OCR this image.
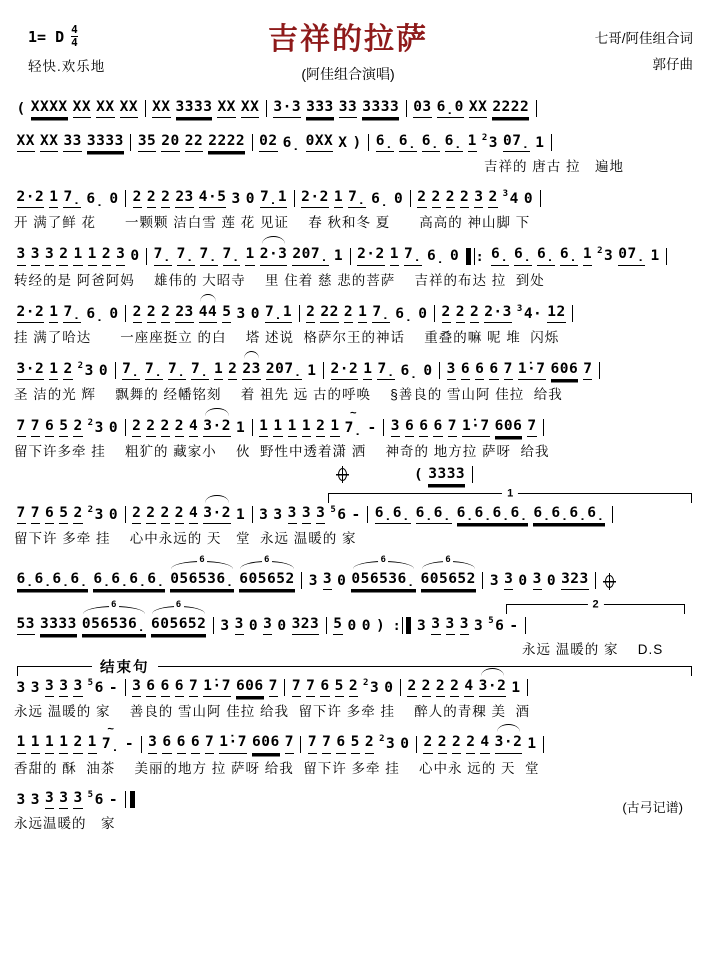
1= D $\frac{4}{4}$
轻快.欢乐地
吉祥的拉萨
(阿佳组合演唱)
七哥/阿佳组合词
郭仔曲
( XXXX XX XX XX XX 3333 XX XX 3·3 333 33 3333 03 6̣0 XX 2222
XX XX 33 3333 35 20 22 2222 02 6̣ 0XX X ) 6̣ 6̣ 6̣ 6̣ 1 $^2$3 07̣ 1
吉祥的 唐古 拉　遍地
2·2 1 7̣ 6̣ 0 2 2 2 23 4·5 3 0 7̣1 2·2 1 7̣ 6̣ 0 2 2 2 2 3 2 $^3$4 0
开 满了鲜 花　　一颗颗 洁白雪 莲 花 见证　 春 秋和冬 夏　　高高的 神山脚 下
3 3 3 2 1 1 2 3 0 7̣ 7̣ 7̣ 7̣ 1 2·3 207̣ 1 2·2 1 7̣ 6̣ 0 : 6̣ 6̣ 6̣ 6̣ 1 $^2$3 07̣ 1
转经的是 阿爸阿妈　 雄伟的 大昭寺　 里 住着 慈 悲的菩萨　 吉祥的布达 拉  到处
2·2 1 7̣ 6̣ 0 2 2 2 23 44 5 3 0 7̣1 2 22 2 1 7̣ 6̣ 0 2 2 2 2·3 $^3$4· 12
挂 满了哈达　　一座座挺立 的白　 塔 述说  格萨尔王的神话　 重叠的嘛 呢 堆  闪烁
3·2 1 2 $^2$3 0 7̣ 7̣ 7̣ 7̣ 1 2 23 207̣ 1 2·2 1 7̣ 6̣ 0 3 6 6 6 7 1̇·7 606 7
圣 洁的光 辉　 飘舞的 经幡铭刻　 着 祖先 远 古的呼唤　 §善良的 雪山阿 佳拉  给我
7 7 6 5 2 $^2$3 0 2 2 2 2 4 3·2 1 1 1 1 1 2 1 7̣
~
- 3 6 6 6 7 1̇·7 606 7
留下许多牵 挂　 粗犷的 藏家小　 伙  野性中透着潇 洒　 神奇的 地方拉 萨呀  给我
( 3333
1
7 7 6 5 2 $^2$3 0 2 2 2 2 4 3·2 1 3 3 3 3 3 $^5$6 - 6̣6̣ 6̣6̣ 6̣6̣6̣6̣ 6̣6̣6̣6̣
留下许 多牵 挂　 心中永远的 天　堂  永远 温暖的 家
6̣6̣6̣6̣ 6̣6̣6̣6̣ 056536̣
6
605652
6
3 3 0 056536̣
6
605652
6
3 3 0 3 0 323
2
53 3333 056536̣
6
605652
6
3 3 0 3 0 323 5 0 0 ) : 3 3 3 3 3 $^5$6 -
永远 温暖的 家　 D.S
结束句
3 3 3 3 3 $^5$6 - 3 6 6 6 7 1̇·7 606 7 7 7 6 5 2 $^2$3 0 2 2 2 2 4 3·2 1
永远 温暖的 家　 善良的 雪山阿 佳拉 给我  留下许 多牵 挂　 醉人的青稞 美  酒
1 1 1 1 2 1 7̣
~
- 3 6 6 6 7 1̇·7 606 7 7 7 6 5 2 $^2$3 0 2 2 2 2 4 3·2 1
香甜的 酥  油茶　 美丽的地方 拉 萨呀 给我  留下许 多牵 挂　 心中永 远的 天  堂
3 3 3 3 3 $^5$6 -
永远温暖的　家
(古弓记谱)
